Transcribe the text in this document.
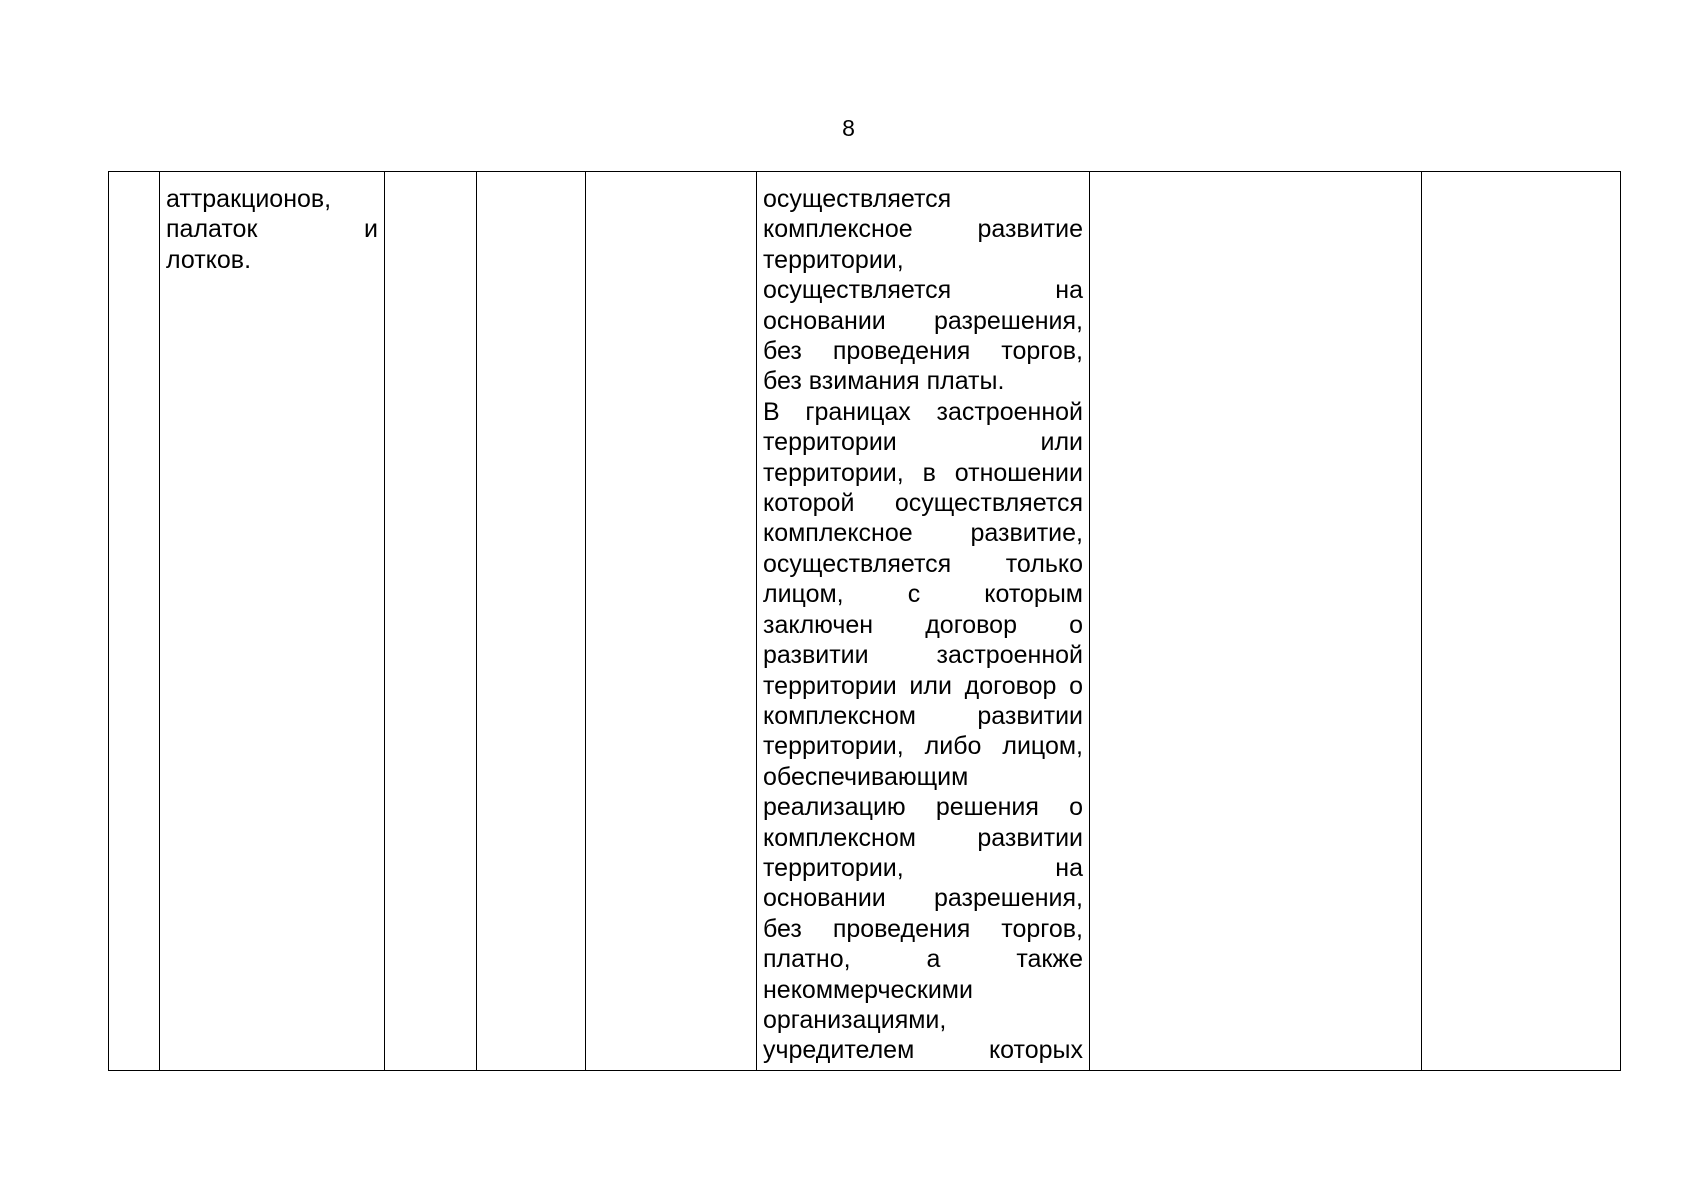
8

аттракционов,
палаток и
лотков.

осуществляется
комплексное развитие
территории,
осуществляется на
основании разрешения,
без проведения торгов,
без взимания платы.
В границах застроенной
территории или
территории, в отношении
которой осуществляется
комплексное развитие,
осуществляется только
лицом, с которым
заключен договор о
развитии застроенной
территории или договор о
комплексном развитии
территории, либо лицом,
обеспечивающим
реализацию решения о
комплексном развитии
территории, на
основании разрешения,
без проведения торгов,
платно, а также
некоммерческими
организациями,
учредителем которых
